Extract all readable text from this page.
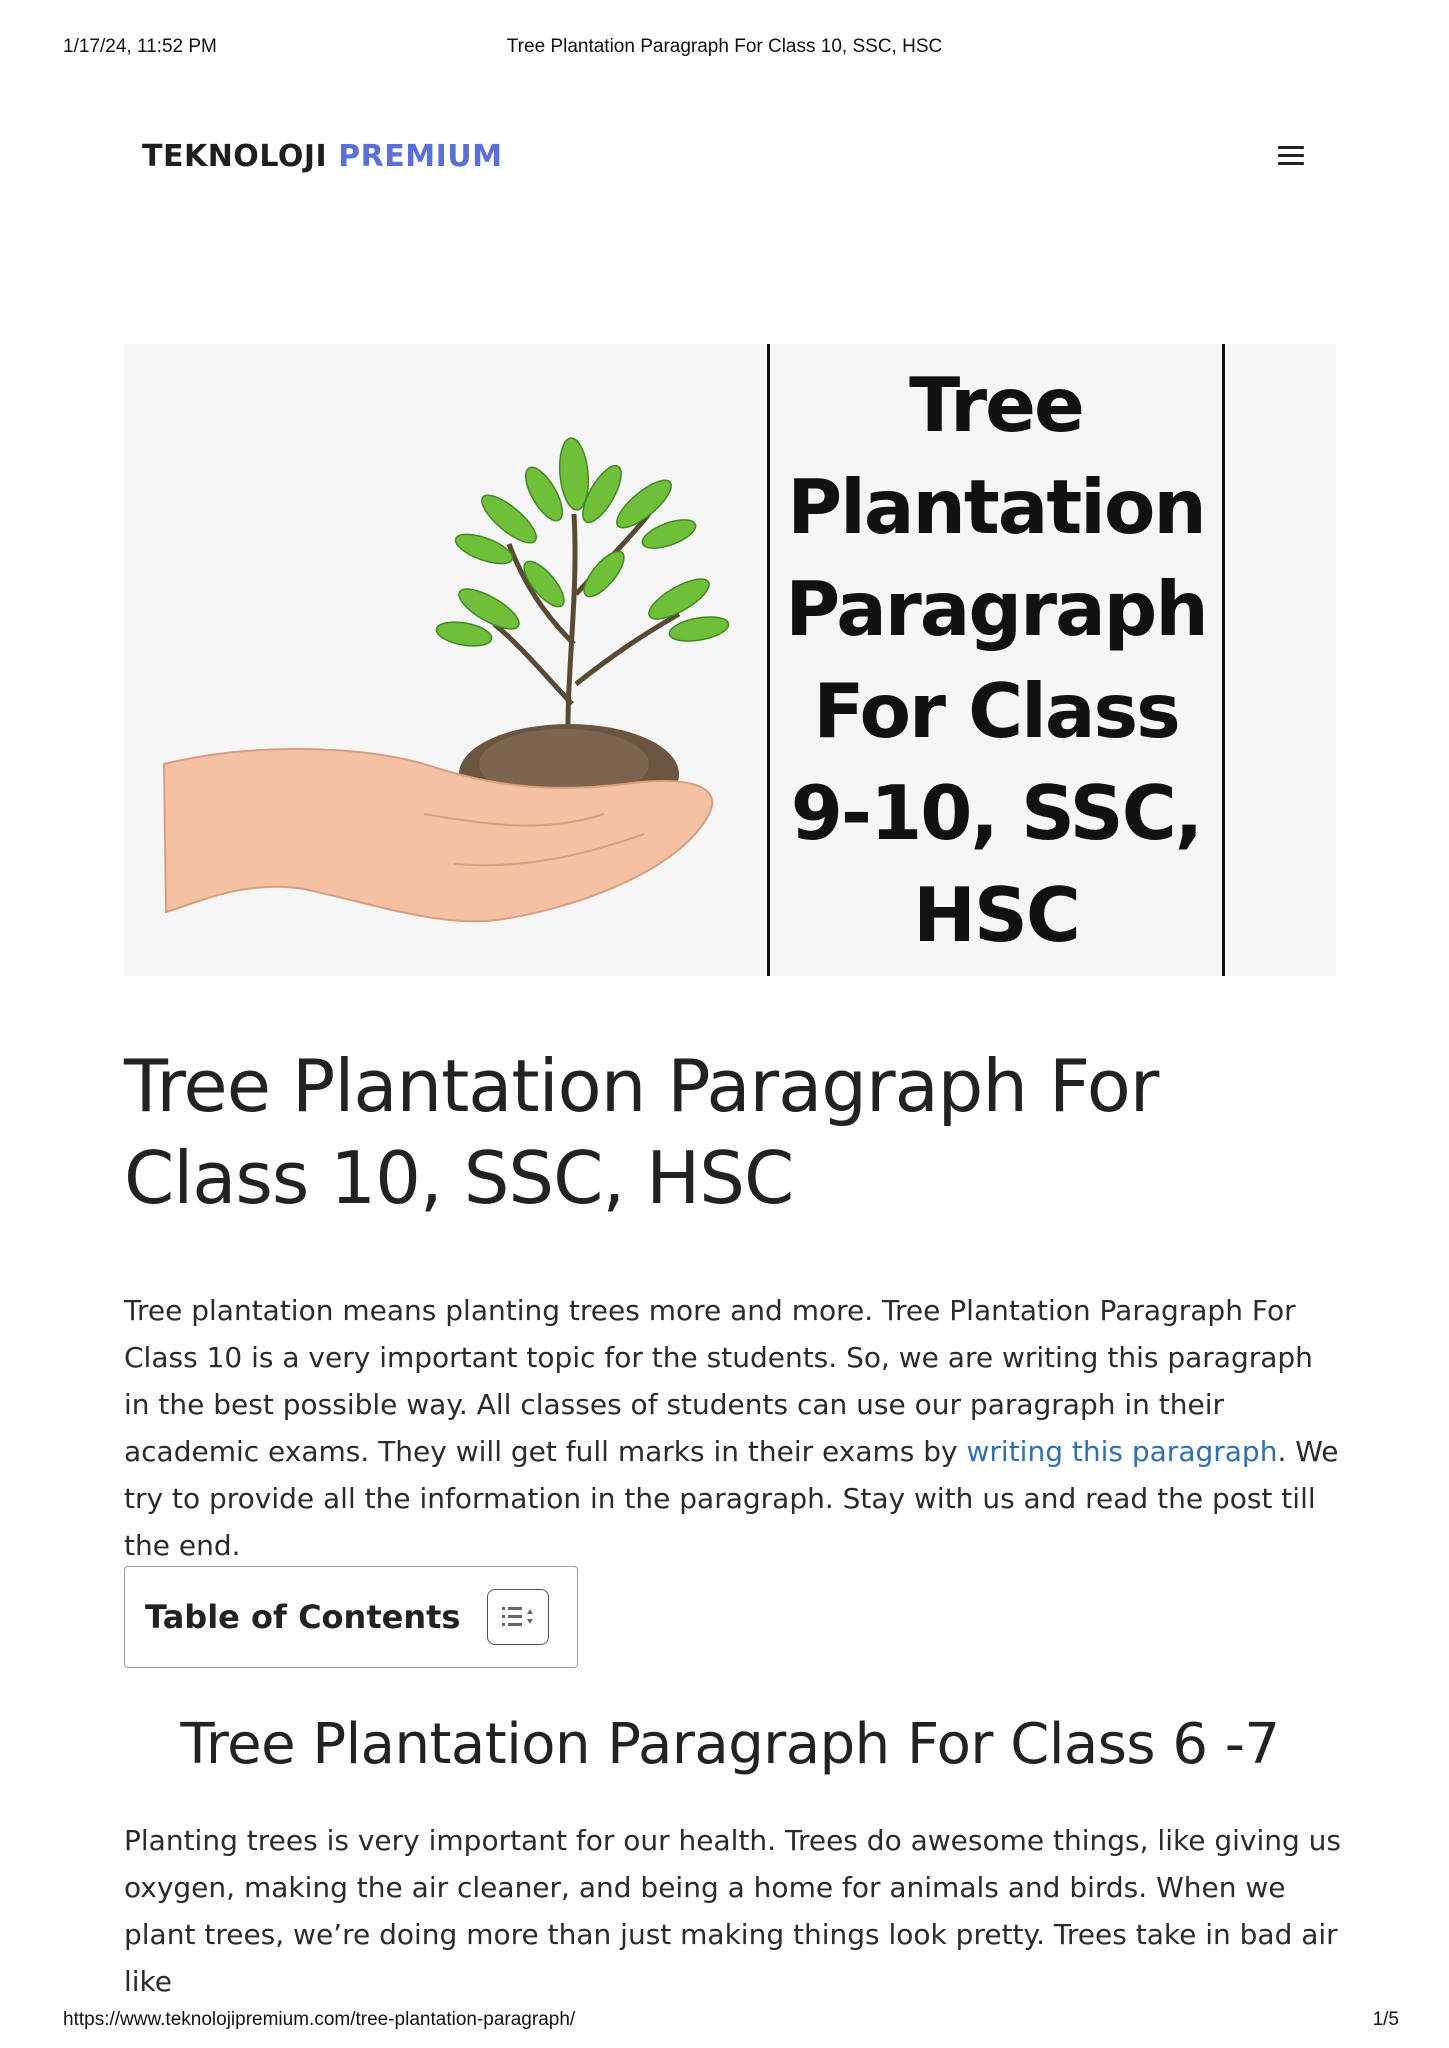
1/17/24, 11:52 PM	Tree Plantation Paragraph For Class 10, SSC, HSC
TEKNOLOJI PREMIUM
Tree
Plantation
Paragraph
For Class
9-10, SSC,
HSC
Tree Plantation Paragraph For Class 10, SSC, HSC

Tree plantation means planting trees more and more. Tree Plantation Paragraph For Class 10 is a very important topic for the students. So, we are writing this paragraph in the best possible way. All classes of students can use our paragraph in their academic exams. They will get full marks in their exams by writing this paragraph. We try to provide all the information in the paragraph. Stay with us and read the post till the end.

Table of Contents
Tree Plantation Paragraph For Class 6 -7

Planting trees is very important for our health. Trees do awesome things, like giving us oxygen, making the air cleaner, and being a home for animals and birds. When we plant trees, we’re doing more than just making things look pretty. Trees take in bad air like

https://www.teknolojipremium.com/tree-plantation-paragraph/	1/5
